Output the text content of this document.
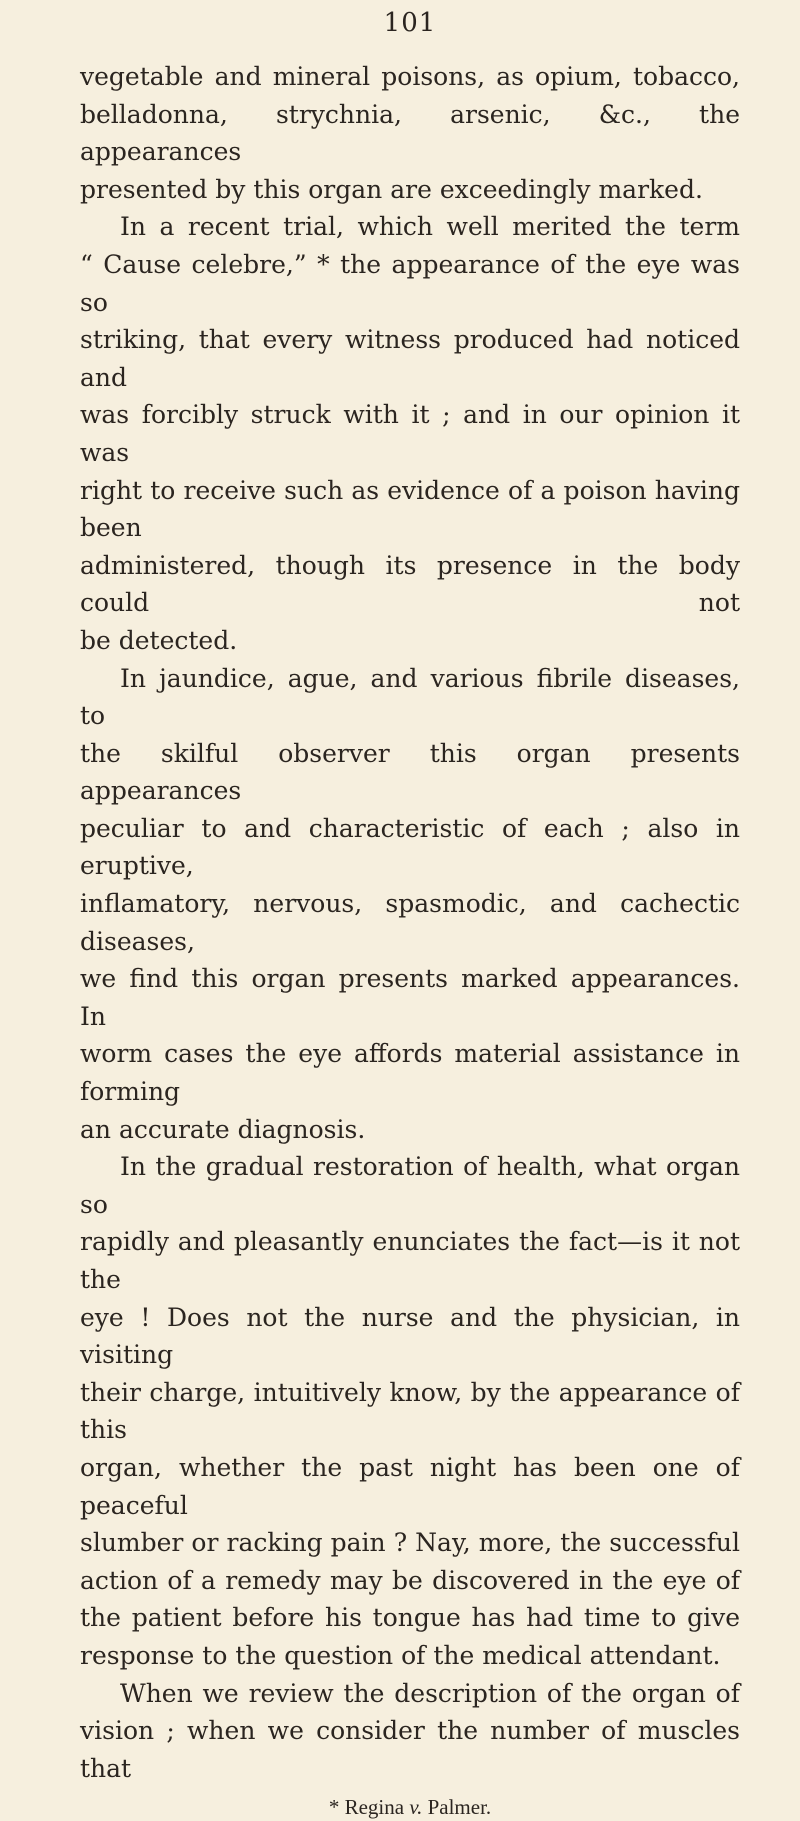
101

vegetable and mineral poisons, as opium, tobacco,

belladonna, strychnia, arsenic, &c., the appearances

presented by this organ are exceedingly marked.

In a recent trial, which well merited the term

“ Cause celebre,” * the appearance of the eye was so

striking, that every witness produced had noticed and

was forcibly struck with it ; and in our opinion it was

right to receive such as evidence of a poison having been

administered, though its presence in the body could not

be detected.

In jaundice, ague, and various fibrile diseases, to

the skilful observer this organ presents appearances

peculiar to and characteristic of each ; also in eruptive,

inflamatory, nervous, spasmodic, and cachectic diseases,

we find this organ presents marked appearances. In

worm cases the eye affords material assistance in forming

an accurate diagnosis.

In the gradual restoration of health, what organ so

rapidly and pleasantly enunciates the fact—is it not the

eye ! Does not the nurse and the physician, in visiting

their charge, intuitively know, by the appearance of this

organ, whether the past night has been one of peaceful

slumber or racking pain ? Nay, more, the successful

action of a remedy may be discovered in the eye of

the patient before his tongue has had time to give

response to the question of the medical attendant.

When we review the description of the organ of

vision ; when we consider the number of muscles that

* Regina v. Palmer.
